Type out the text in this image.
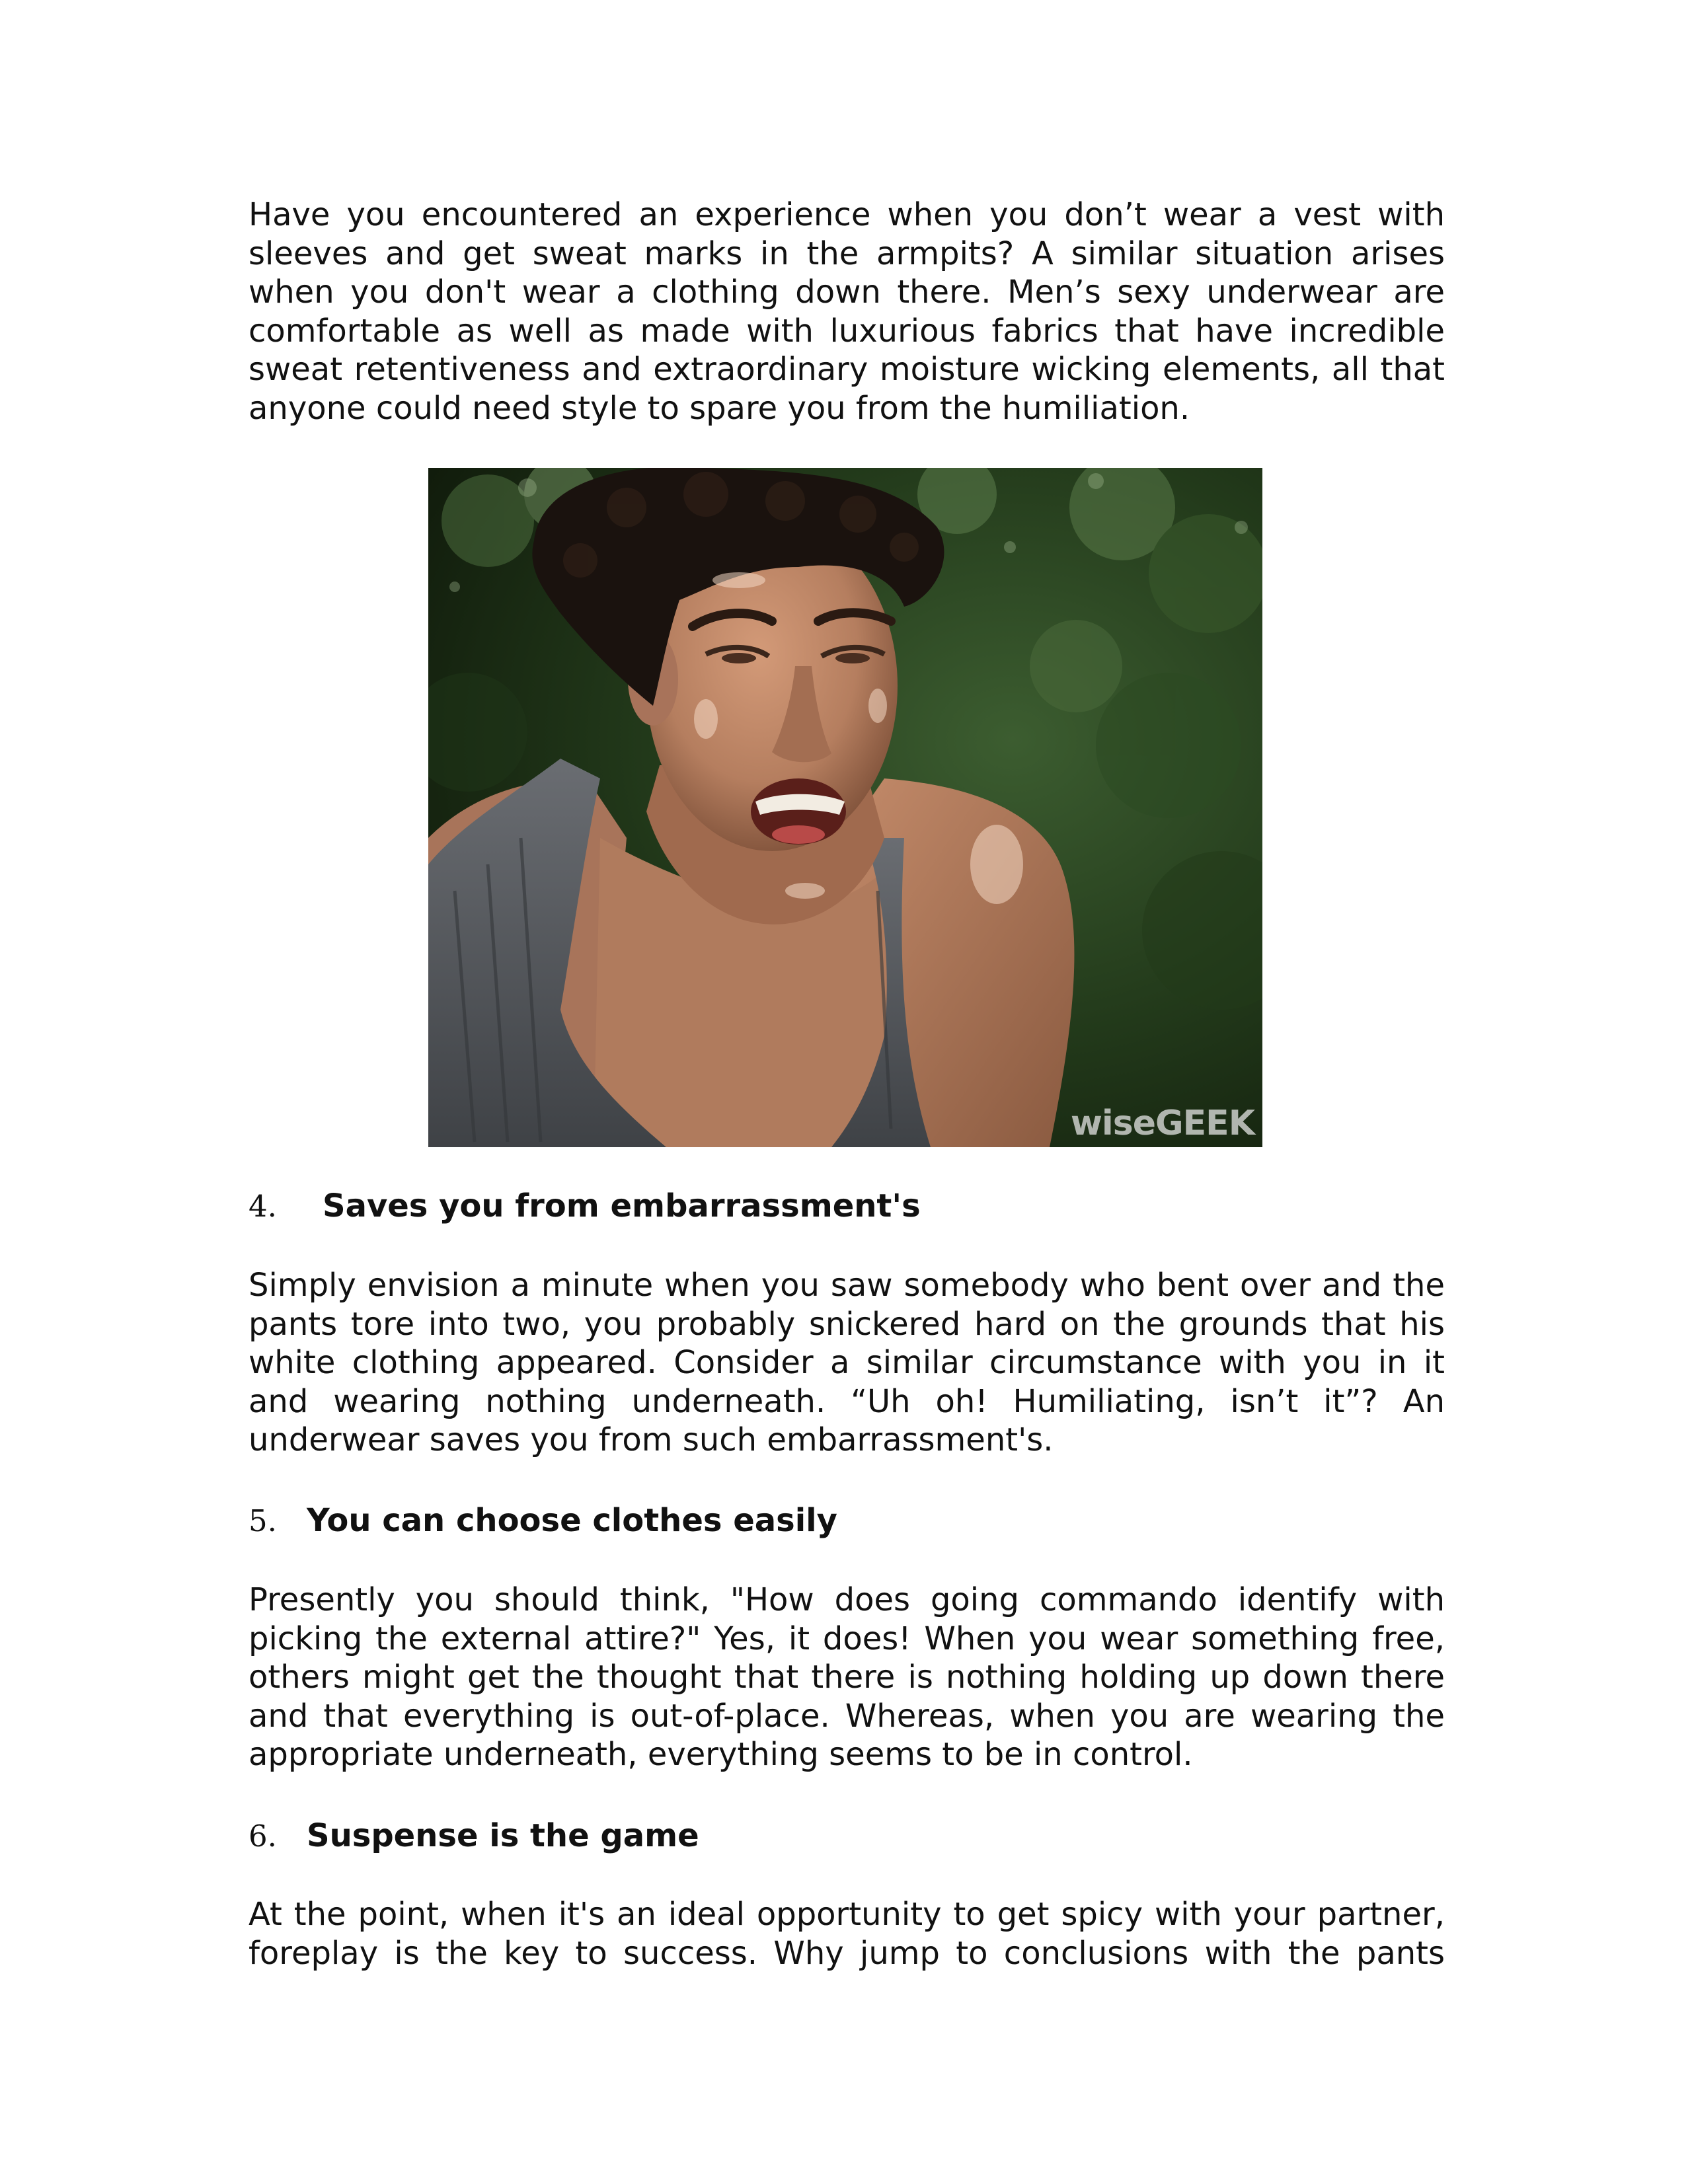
Have you encountered an experience when you don’t wear a vest with sleeves and get sweat marks in the armpits? A similar situation arises when you don't wear a clothing down there. Men’s sexy underwear are comfortable as well as made with luxurious fabrics that have incredible sweat retentiveness and extraordinary moisture wicking elements, all that anyone could need style to spare you from the humiliation.

wiseGEEK
4. Saves you from embarrassment's

Simply envision a minute when you saw somebody who bent over and the pants tore into two, you probably snickered hard on the grounds that his white clothing appeared. Consider a similar circumstance with you in it and wearing nothing underneath. “Uh oh! Humiliating, isn’t it”? An underwear saves you from such embarrassment's.

5. You can choose clothes easily

Presently you should think, "How does going commando identify with picking the external attire?" Yes, it does! When you wear something free, others might get the thought that there is nothing holding up down there and that everything is out-of-place. Whereas, when you are wearing the appropriate underneath, everything seems to be in control.

6. Suspense is the game

At the point, when it's an ideal opportunity to get spicy with your partner, foreplay is the key to success. Why jump to conclusions with the pants
